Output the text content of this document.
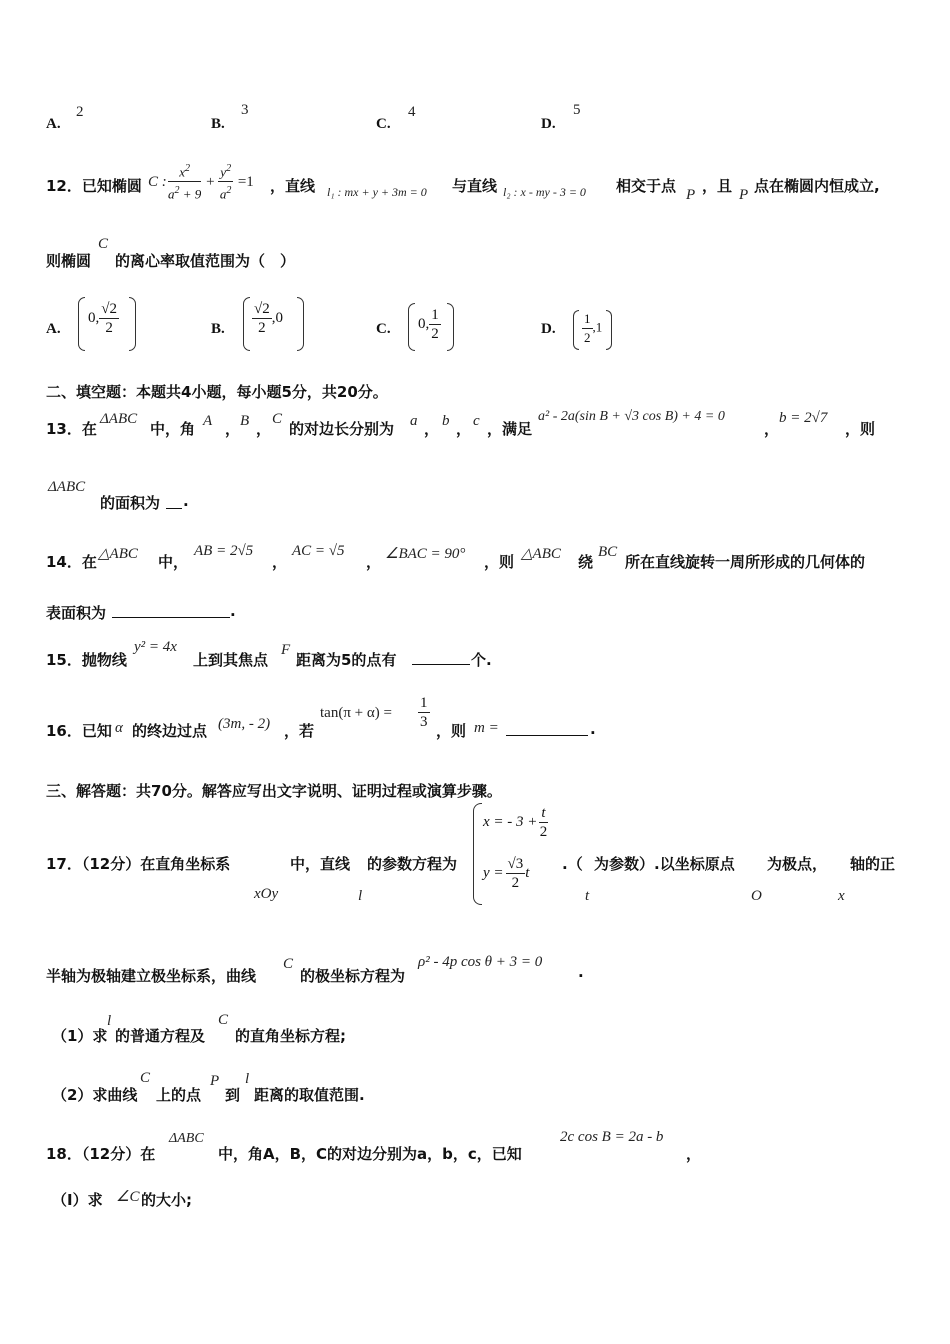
A.
2
B.
3
C.
4
D.
5
12．已知椭圆 C : $\frac{x^2}{a^2 + 9} + \frac{y^2}{a^2} =1$ ，直线 l₁ : mx + y + 3m = 0 与直线 l₂ : x - my - 3 = 0 相交于点 P ，且 P 点在椭圆内恒成立,
则椭圆
C
的离心率取值范围为（　）
A.
0, $\frac{√2}{2}$	B. $\frac{√2}{2} ,0$
C. 0, $\frac{1}{2}$	D. $\frac{1}{2} ,1$
二、填空题：本题共4小题，每小题5分，共20分。
13．在
ΔABC
中，角 A ， B ，
C
的对边长分别为 a ， b ， c ，满足
a² - 2a(sin B + √3 cos B) + 4 = 0
，
b = 2√7
，则
ΔABC
的面积为 .
14．在 △ABC 中，
AB = 2√5
，
AC = √5
， ∠BAC = 90° ，则 △ABC 绕
BC
所在直线旋转一周所形成的几何体的
表面积为	.
15．抛物线
y² = 4x
上到其焦点
F
距离为5的点有	个.
16．已知 α 的终边过点 (3m, - 2) ，若
$\tan(\pi + \alpha) = \frac{1}{3}$ ，则 m =	.
三、解答题：共70分。解答应写出文字说明、证明过程或演算步骤。
17．（12分）在直角坐标系
xOy
中，直线
l
的参数方程为
x = - $3 + \frac{t}{2}$
$y = \frac{√3}{2}$ t .（
t
为参数）.以坐标原点
O
为极点，
x
轴的正
半轴为极轴建立极坐标系，曲线
C
的极坐标方程为
ρ² - 4p cos θ + 3 = 0
.
（1）求
l
的普通方程及
C
的直角坐标方程;
（2）求曲线
C
上的点
P
到
l
距离的取值范围.
18．（12分）在
ΔABC
中，角A，B，C的对边分别为a，b，c，已知
2c cos B = 2a - b
，
（Ⅰ）求 ∠C 的大小;
